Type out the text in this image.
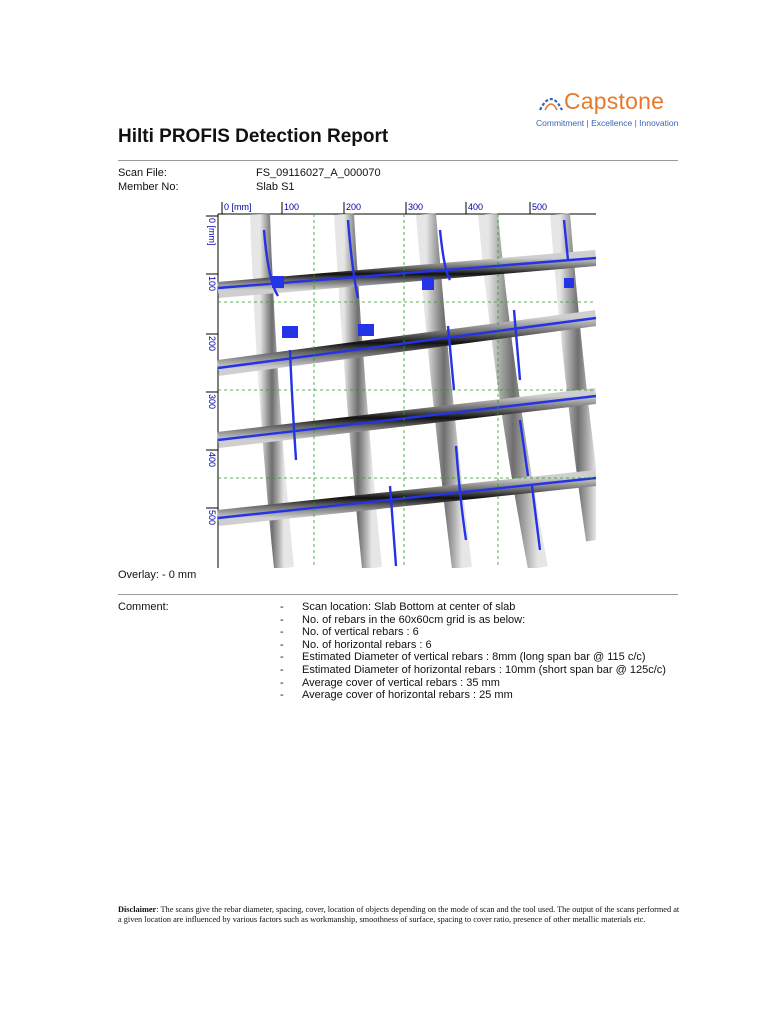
Capstone
Commitment | Excellence | Innovation
Hilti PROFIS Detection Report
Scan File:	FS_09116027_A_000070
Member No:	Slab S1
0 [mm]	100	200	300	400	500
0 [mm]
100
200
300
400
500
Overlay: - 0 mm
Comment:	- Scan location: Slab Bottom at center of slab
- No. of rebars in the 60x60cm grid is as below:
- No. of vertical rebars : 6
- No. of horizontal rebars : 6
- Estimated Diameter of vertical rebars : 8mm (long span bar @ 115 c/c)
- Estimated Diameter of horizontal rebars : 10mm (short span bar @ 125c/c)
- Average cover of vertical rebars : 35 mm
- Average cover of horizontal rebars : 25 mm

Disclaimer: The scans give the rebar diameter, spacing, cover, location of objects depending on the mode of scan and the tool used. The output of the scans performed at a given location are influenced by various factors such as workmanship, smoothness of surface, spacing to cover ratio, presence of other metallic materials etc.
